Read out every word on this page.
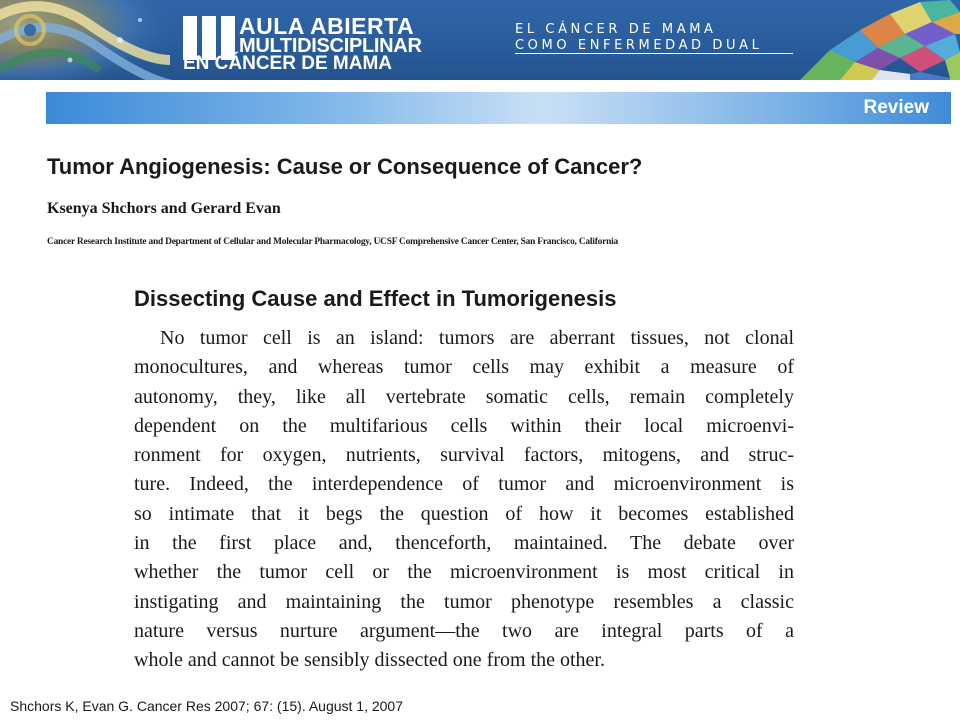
AULA ABIERTA
MULTIDISCIPLINAR
EN CÁNCER DE MAMA
EL CÁNCER DE MAMA
COMO ENFERMEDAD DUAL
Review
Tumor Angiogenesis: Cause or Consequence of Cancer?
Ksenya Shchors and Gerard Evan
Cancer Research Institute and Department of Cellular and Molecular Pharmacology, UCSF Comprehensive Cancer Center, San Francisco, California
Dissecting Cause and Effect in Tumorigenesis
No tumor cell is an island: tumors are aberrant tissues, not clonal
monocultures, and whereas tumor cells may exhibit a measure of
autonomy, they, like all vertebrate somatic cells, remain completely
dependent on the multifarious cells within their local microenvi-
ronment for oxygen, nutrients, survival factors, mitogens, and struc-
ture. Indeed, the interdependence of tumor and microenvironment is
so intimate that it begs the question of how it becomes established
in the first place and, thenceforth, maintained. The debate over
whether the tumor cell or the microenvironment is most critical in
instigating and maintaining the tumor phenotype resembles a classic
nature versus nurture argument—the two are integral parts of a
whole and cannot be sensibly dissected one from the other.
Shchors K, Evan G. Cancer Res 2007; 67: (15). August 1, 2007
